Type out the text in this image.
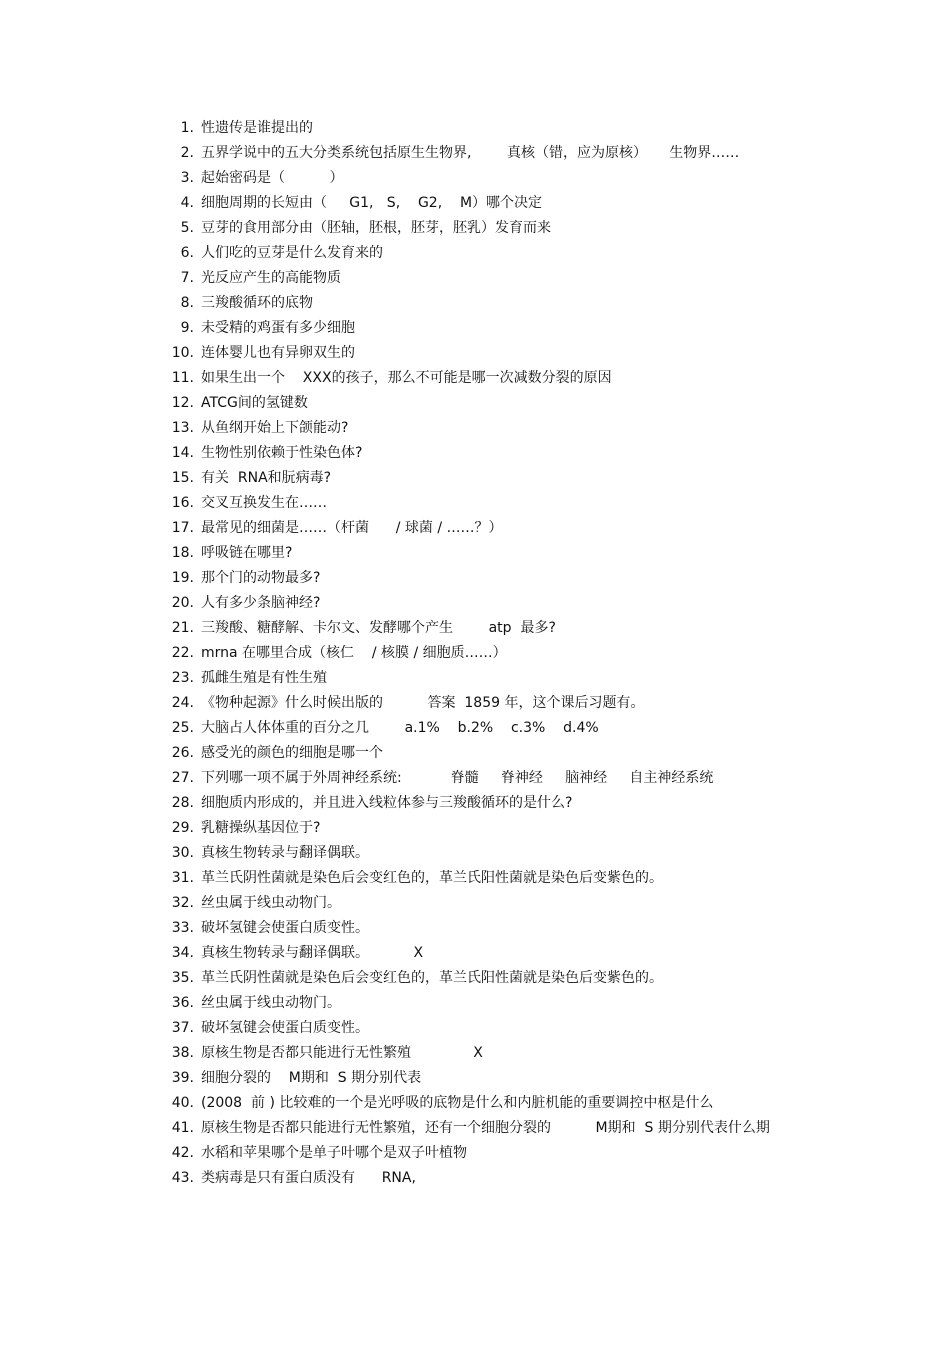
1. 性遗传是谁提出的
2. 五界学说中的五大分类系统包括原生生物界,        真核（错，应为原核）     生物界……
3. 起始密码是（          ）
4. 细胞周期的长短由（     G1,   S,    G2,    M）哪个决定
5. 豆芽的食用部分由（胚轴，胚根，胚芽，胚乳）发育而来
6. 人们吃的豆芽是什么发育来的
7. 光反应产生的高能物质
8. 三羧酸循环的底物
9. 未受精的鸡蛋有多少细胞
10. 连体婴儿也有异卵双生的
11. 如果生出一个    XXX的孩子，那么不可能是哪一次减数分裂的原因
12. ATCG间的氢键数
13. 从鱼纲开始上下颌能动?
14. 生物性别依赖于性染色体?
15. 有关  RNA和朊病毒?
16. 交叉互换发生在……
17. 最常见的细菌是……（杆菌      / 球菌 / ……？）
18. 呼吸链在哪里?
19. 那个门的动物最多?
20. 人有多少条脑神经?
21. 三羧酸、糖酵解、卡尔文、发酵哪个产生        atp  最多?
22. mrna 在哪里合成（核仁    / 核膜 / 细胞质……）
23. 孤雌生殖是有性生殖
24. 《物种起源》什么时候出版的          答案  1859 年，这个课后习题有。
25. 大脑占人体体重的百分之几        a.1%    b.2%    c.3%    d.4%
26. 感受光的颜色的细胞是哪一个
27. 下列哪一项不属于外周神经系统:           脊髓     脊神经     脑神经     自主神经系统
28. 细胞质内形成的，并且进入线粒体参与三羧酸循环的是什么?
29. 乳糖操纵基因位于?
30. 真核生物转录与翻译偶联。
31. 革兰氏阴性菌就是染色后会变红色的，革兰氏阳性菌就是染色后变紫色的。
32. 丝虫属于线虫动物门。
33. 破坏氢键会使蛋白质变性。
34. 真核生物转录与翻译偶联。          X
35. 革兰氏阴性菌就是染色后会变红色的，革兰氏阳性菌就是染色后变紫色的。
36. 丝虫属于线虫动物门。
37. 破坏氢键会使蛋白质变性。
38. 原核生物是否都只能进行无性繁殖              X
39. 细胞分裂的    M期和  S 期分别代表
40. (2008  前 ) 比较难的一个是光呼吸的底物是什么和内脏机能的重要调控中枢是什么
41. 原核生物是否都只能进行无性繁殖，还有一个细胞分裂的          M期和  S 期分别代表什么期
42. 水稻和苹果哪个是单子叶哪个是双子叶植物
43. 类病毒是只有蛋白质没有      RNA,
